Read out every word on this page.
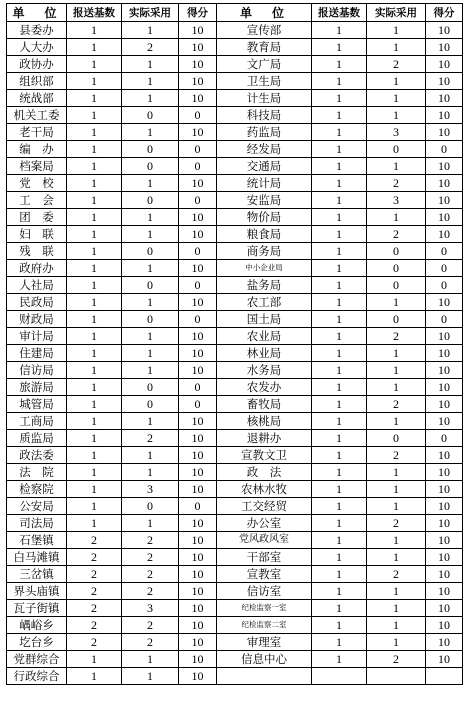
单　位	报送基数	实际采用	得分	单　位	报送基数	实际采用	得分
县委办	1	1	10	宣传部	1	1	10
人大办	1	2	10	教育局	1	1	10
政协办	1	1	10	文广局	1	2	10
组织部	1	1	10	卫生局	1	1	10
统战部	1	1	10	计生局	1	1	10
机关工委	1	0	0	科技局	1	1	10
老干局	1	1	10	药监局	1	3	10
编　办	1	0	0	经发局	1	0	0
档案局	1	0	0	交通局	1	1	10
党　校	1	1	10	统计局	1	2	10
工　会	1	0	0	安监局	1	3	10
团　委	1	1	10	物价局	1	1	10
妇　联	1	1	10	粮食局	1	2	10
残　联	1	0	0	商务局	1	0	0
政府办	1	1	10	中小企业局	1	0	0
人社局	1	0	0	盐务局	1	0	0
民政局	1	1	10	农工部	1	1	10
财政局	1	0	0	国土局	1	0	0
审计局	1	1	10	农业局	1	2	10
住建局	1	1	10	林业局	1	1	10
信访局	1	1	10	水务局	1	1	10
旅游局	1	0	0	农发办	1	1	10
城管局	1	0	0	畜牧局	1	2	10
工商局	1	1	10	核桃局	1	1	10
质监局	1	2	10	退耕办	1	0	0
政法委	1	1	10	宣教文卫	1	2	10
法　院	1	1	10	政　法	1	1	10
检察院	1	3	10	农林水牧	1	1	10
公安局	1	0	0	工交经贸	1	1	10
司法局	1	1	10	办公室	1	2	10
石堡镇	2	2	10	党风政风室	1	1	10
白马滩镇	2	2	10	干部室	1	1	10
三岔镇	2	2	10	宣教室	1	2	10
界头庙镇	2	2	10	信访室	1	1	10
瓦子街镇	2	3	10	纪检监察一室	1	1	10
嵎峪乡	2	2	10	纪检监察二室	1	1	10
圪台乡	2	2	10	审理室	1	1	10
党群综合	1	1	10	信息中心	1	2	10
行政综合	1	1	10				
